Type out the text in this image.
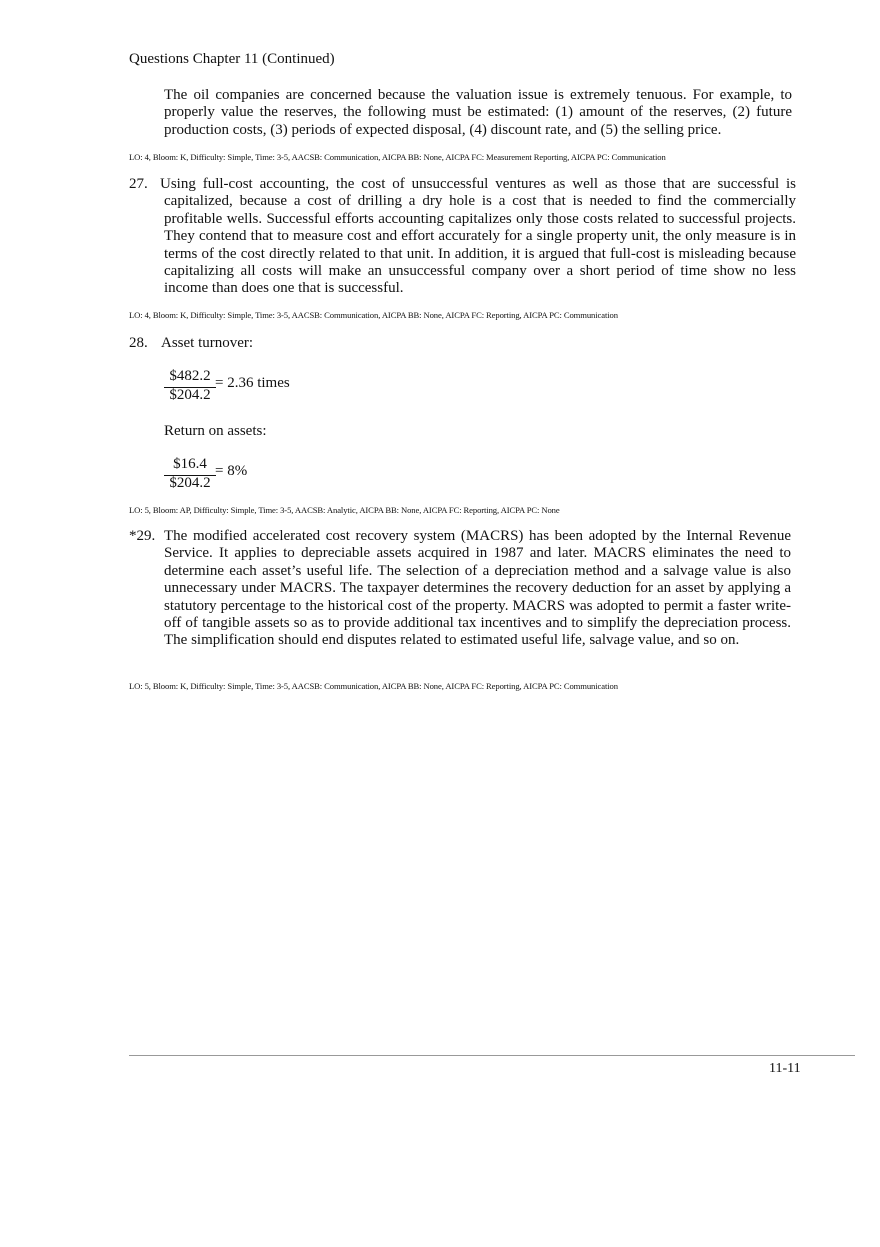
Questions Chapter 11 (Continued)

The oil companies are concerned because the valuation issue is extremely tenuous. For example, to properly value the reserves, the following must be estimated: (1) amount of the reserves, (2) future production costs, (3) periods of expected disposal, (4) discount rate, and (5) the selling price.

LO: 4, Bloom: K, Difficulty: Simple, Time: 3-5, AACSB: Communication, AICPA BB: None, AICPA FC: Measurement Reporting, AICPA PC: Communication
27. Using full-cost accounting, the cost of unsuccessful ventures as well as those that are successful is capitalized, because a cost of drilling a dry hole is a cost that is needed to find the commercially profitable wells. Successful efforts accounting capitalizes only those costs related to successful projects. They contend that to measure cost and effort accurately for a single property unit, the only measure is in terms of the cost directly related to that unit. In addition, it is argued that full-cost is misleading because capitalizing all costs will make an unsuccessful company over a short period of time show no less income than does one that is successful.

LO: 4, Bloom: K, Difficulty: Simple, Time: 3-5, AACSB: Communication, AICPA BB: None, AICPA FC: Reporting, AICPA PC: Communication
28. Asset turnover:
$482.2
$204.2
= 2.36 times
Return on assets:
$16.4
$204.2
= 8%
LO: 5, Bloom: AP, Difficulty: Simple, Time: 3-5, AACSB: Analytic, AICPA BB: None, AICPA FC: Reporting, AICPA PC: None
*29. The modified accelerated cost recovery system (MACRS) has been adopted by the Internal Revenue Service. It applies to depreciable assets acquired in 1987 and later. MACRS eliminates the need to determine each asset’s useful life. The selection of a depreciation method and a salvage value is also unnecessary under MACRS. The taxpayer determines the recovery deduction for an asset by applying a statutory percentage to the historical cost of the property. MACRS was adopted to permit a faster write-off of tangible assets so as to provide additional tax incentives and to simplify the depreciation process. The simplification should end disputes related to estimated useful life, salvage value, and so on.

LO: 5, Bloom: K, Difficulty: Simple, Time: 3-5, AACSB: Communication, AICPA BB: None, AICPA FC: Reporting, AICPA PC: Communication
11-11
